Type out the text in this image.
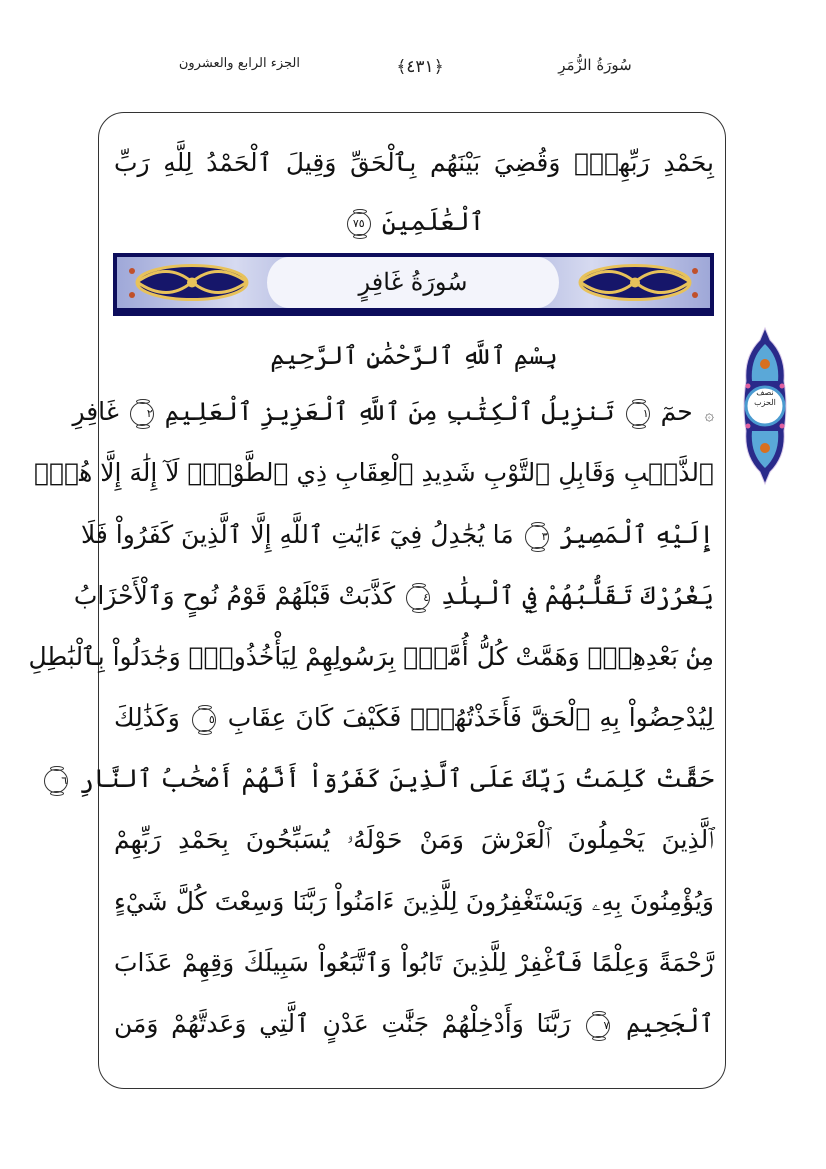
سُورَةُ الزُّمَرِ
﴿٤٣١﴾
الجزء الرابع والعشرون
بِحَمْدِ رَبِّهِمْۖ وَقُضِيَ بَيْنَهُم بِٱلْحَقِّ وَقِيلَ ٱلْحَمْدُ لِلَّهِ رَبِّ
ٱلْعَٰلَمِينَ ٧٥
سُورَةُ غَافِرٍ
بِسْمِ ٱللَّهِ ٱلرَّحْمَٰنِ ٱلرَّحِيمِ
۞ حمٓ ١ تَنزِيلُ ٱلْكِتَٰبِ مِنَ ٱللَّهِ ٱلْعَزِيزِ ٱلْعَلِيمِ ٢ غَافِرِ
ٱلذَّنۢبِ وَقَابِلِ ٱلتَّوْبِ شَدِيدِ ٱلْعِقَابِ ذِي ٱلطَّوْلِۖ لَآ إِلَٰهَ إِلَّا هُوَۖ
إِلَيْهِ ٱلْمَصِيرُ ٣ مَا يُجَٰدِلُ فِيٓ ءَايَٰتِ ٱللَّهِ إِلَّا ٱلَّذِينَ كَفَرُواْ فَلَا
يَغْرُرْكَ تَقَلُّبُهُمْ فِي ٱلْبِلَٰدِ ٤ كَذَّبَتْ قَبْلَهُمْ قَوْمُ نُوحٍ وَٱلْأَحْزَابُ
مِنۢ بَعْدِهِمْۖ وَهَمَّتْ كُلُّ أُمَّةٍۭ بِرَسُولِهِمْ لِيَأْخُذُوهُۖ وَجَٰدَلُواْ بِٱلْبَٰطِلِ
لِيُدْحِضُواْ بِهِ ٱلْحَقَّ فَأَخَذْتُهُمْۖ فَكَيْفَ كَانَ عِقَابِ ٥ وَكَذَٰلِكَ
حَقَّتْ كَلِمَتُ رَبِّكَ عَلَى ٱلَّذِينَ كَفَرُوٓاْ أَنَّهُمْ أَصْحَٰبُ ٱلنَّارِ ٦
ٱلَّذِينَ يَحْمِلُونَ ٱلْعَرْشَ وَمَنْ حَوْلَهُۥ يُسَبِّحُونَ بِحَمْدِ رَبِّهِمْ
وَيُؤْمِنُونَ بِهِۦ وَيَسْتَغْفِرُونَ لِلَّذِينَ ءَامَنُواْ رَبَّنَا وَسِعْتَ كُلَّ شَيْءٍ
رَّحْمَةً وَعِلْمًا فَٱغْفِرْ لِلَّذِينَ تَابُواْ وَٱتَّبَعُواْ سَبِيلَكَ وَقِهِمْ عَذَابَ
ٱلْجَحِيمِ ٧ رَبَّنَا وَأَدْخِلْهُمْ جَنَّٰتِ عَدْنٍ ٱلَّتِي وَعَدتَّهُمْ وَمَن
نصف
الحزب
